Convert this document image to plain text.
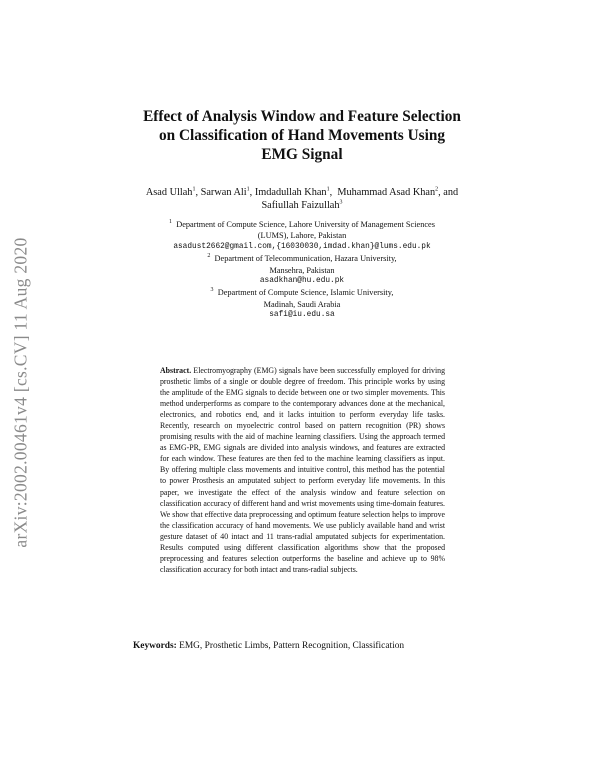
arXiv:2002.00461v4 [cs.CV] 11 Aug 2020
Effect of Analysis Window and Feature Selection
on Classification of Hand Movements Using
EMG Signal
Asad Ullah$^1$, Sarwan Ali$^1$, Imdadullah Khan$^1$,  Muhammad Asad Khan$^2$, and
Safiullah Faizullah$^3$
$^1$ Department of Compute Science, Lahore University of Management Sciences
(LUMS), Lahore, Pakistan
asadust2662@gmail.com,{16030030,imdad.khan}@lums.edu.pk
$^2$ Department of Telecommunication, Hazara University,
Mansehra, Pakistan
asadkhan@hu.edu.pk
$^3$ Department of Compute Science, Islamic University,
Madinah, Saudi Arabia
safi@iu.edu.sa
Abstract. Electromyography (EMG) signals have been successfully employed for driving prosthetic limbs of a single or double degree of freedom. This principle works by using the amplitude of the EMG signals to decide between one or two simpler movements. This method underperforms as compare to the contemporary advances done at the mechanical, electronics, and robotics end, and it lacks intuition to perform everyday life tasks. Recently, research on myoelectric control based on pattern recognition (PR) shows promising results with the aid of machine learning classifiers. Using the approach termed as EMG-PR, EMG signals are divided into analysis windows, and features are extracted for each window. These features are then fed to the machine learning classifiers as input. By offering multiple class movements and intuitive control, this method has the potential to power Prosthesis an amputated subject to perform everyday life movements. In this paper, we investigate the effect of the analysis window and feature selection on classification accuracy of different hand and wrist movements using time-domain features. We show that effective data preprocessing and optimum feature selection helps to improve the classification accuracy of hand movements. We use publicly available hand and wrist gesture dataset of 40 intact and 11 trans-radial amputated subjects for experimentation. Results computed using different classification algorithms show that the proposed preprocessing and features selection outperforms the baseline and achieve up to 98% classification accuracy for both intact and trans-radial subjects.
Keywords: EMG, Prosthetic Limbs, Pattern Recognition, Classification
